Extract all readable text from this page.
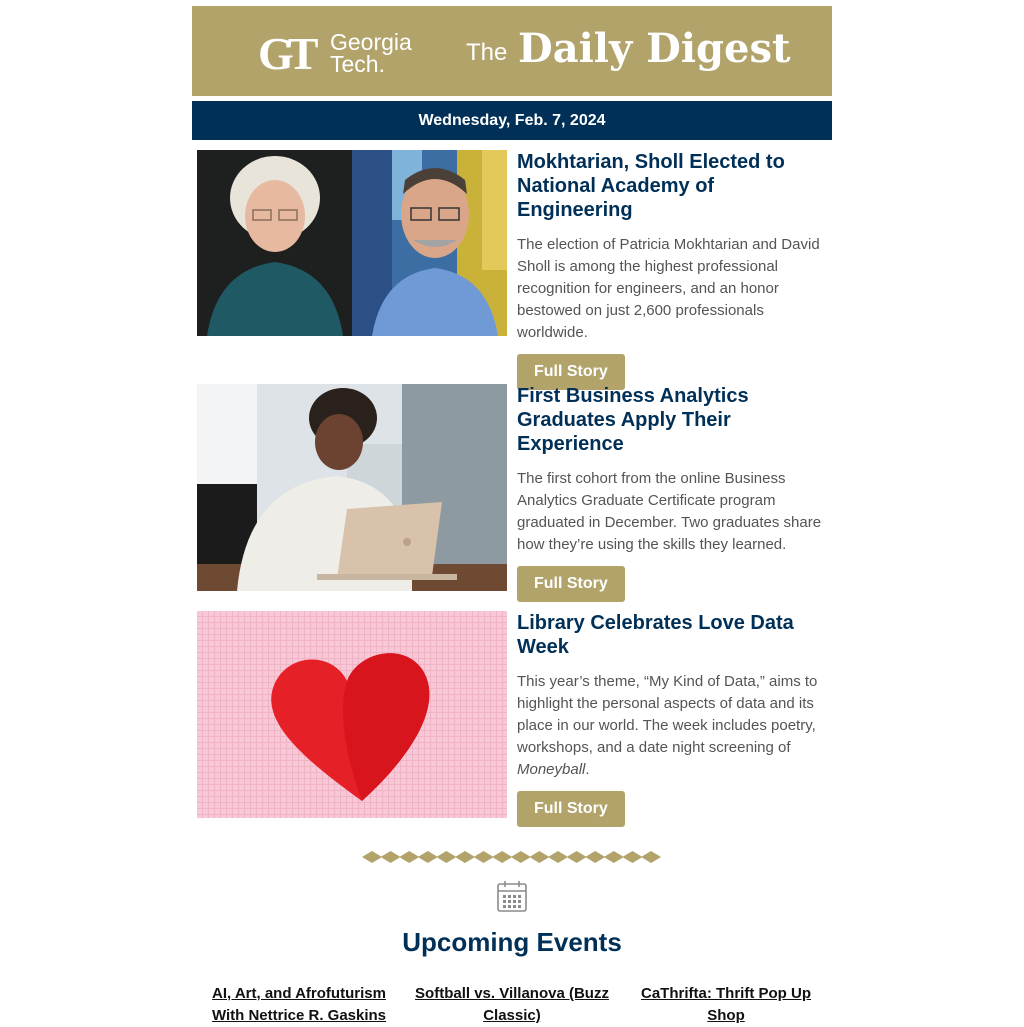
GT Georgia
Tech.	The Daily Digest
Wednesday, Feb. 7, 2024
Mokhtarian, Sholl Elected to National Academy of Engineering

The election of Patricia Mokhtarian and David Sholl is among the highest professional recognition for engineers, and an honor bestowed on just 2,600 professionals worldwide.

Full Story
First Business Analytics Graduates Apply Their Experience

The first cohort from the online Business Analytics Graduate Certificate program graduated in December. Two graduates share how they’re using the skills they learned.

Full Story
Library Celebrates Love Data Week

This year’s theme, “My Kind of Data,” aims to highlight the personal aspects of data and its place in our world. The week includes poetry, workshops, and a date night screening of Moneyball.

Full Story
Upcoming Events
AI, Art, and Afrofuturism With Nettrice R. Gaskins
Softball vs. Villanova (Buzz Classic)
CaThrifta: Thrift Pop Up Shop
